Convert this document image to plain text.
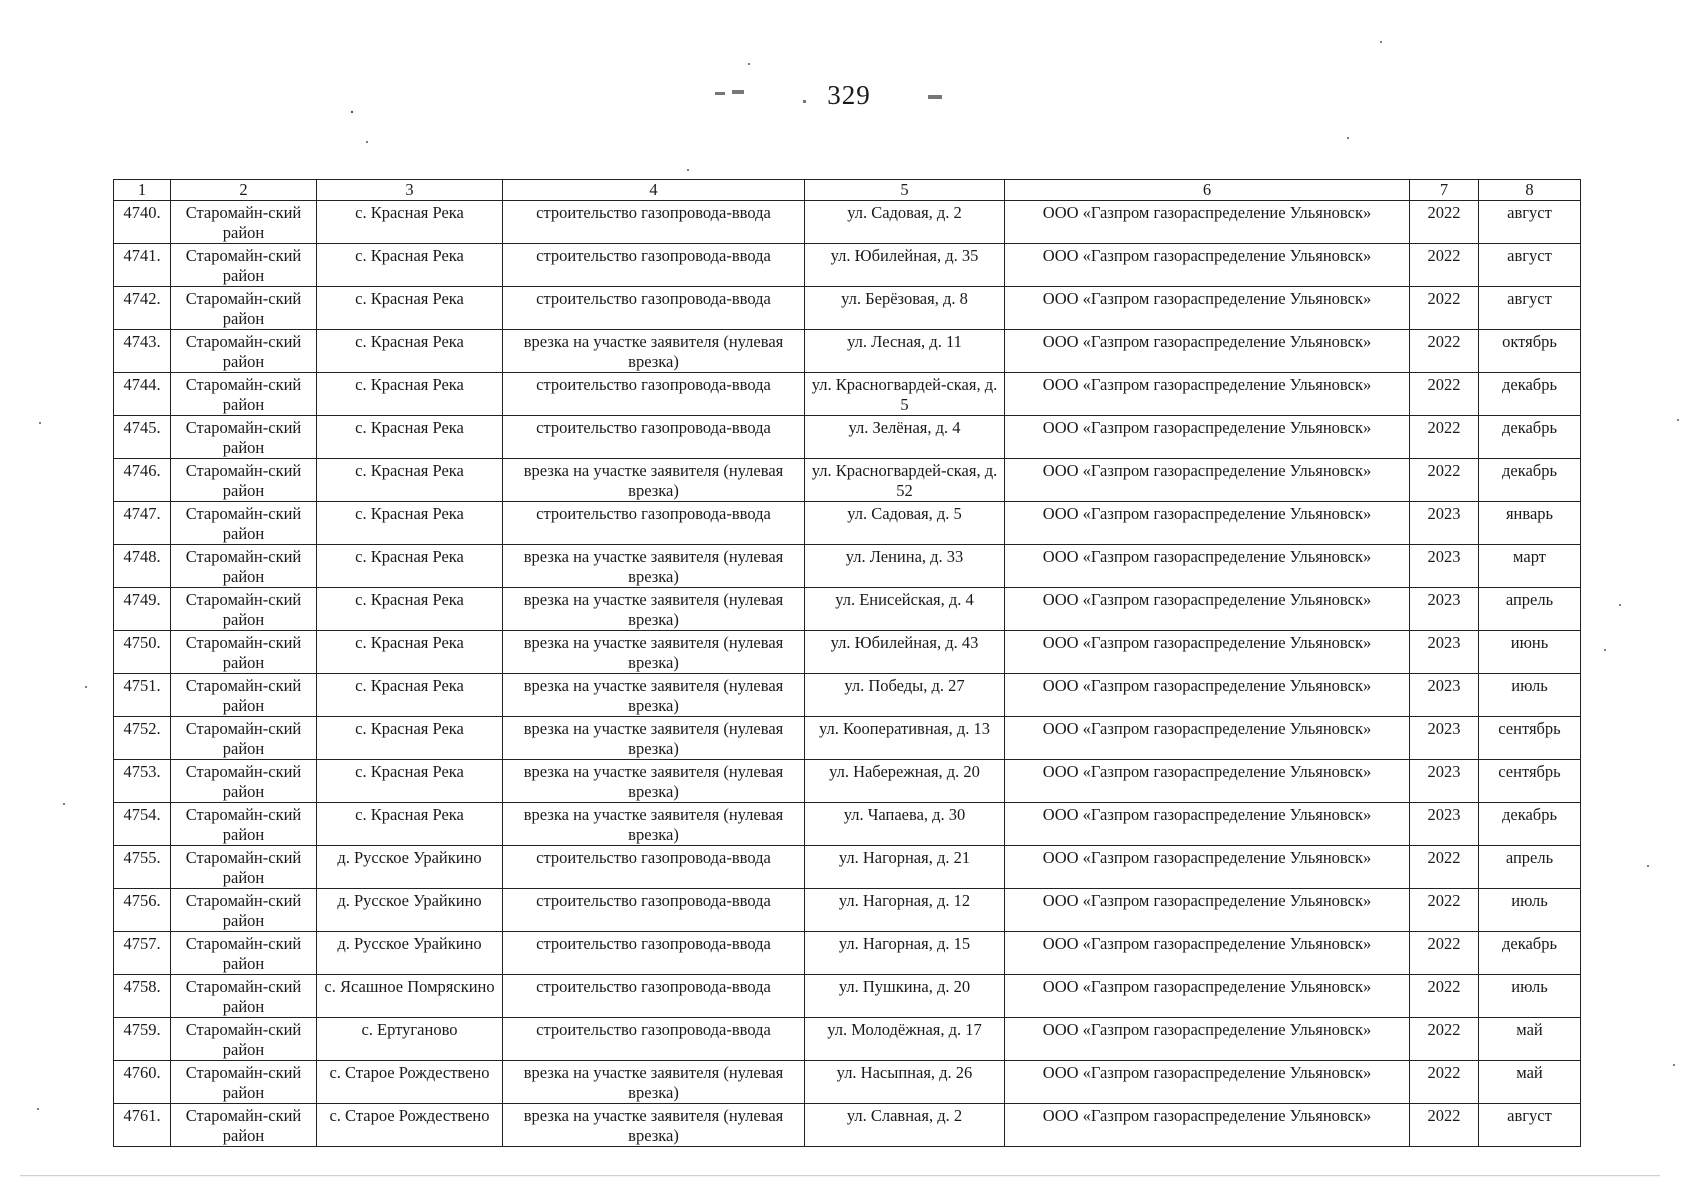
329
1	2	3	4	5	6	7	8
4740.	Старомайн-ский район	с. Красная Река	строительство газопровода-ввода	ул. Садовая, д. 2	ООО «Газпром газораспределение Ульяновск»	2022	август
4741.	Старомайн-ский район	с. Красная Река	строительство газопровода-ввода	ул. Юбилейная, д. 35	ООО «Газпром газораспределение Ульяновск»	2022	август
4742.	Старомайн-ский район	с. Красная Река	строительство газопровода-ввода	ул. Берёзовая, д. 8	ООО «Газпром газораспределение Ульяновск»	2022	август
4743.	Старомайн-ский район	с. Красная Река	врезка на участке заявителя (нулевая врезка)	ул. Лесная, д. 11	ООО «Газпром газораспределение Ульяновск»	2022	октябрь
4744.	Старомайн-ский район	с. Красная Река	строительство газопровода-ввода	ул. Красногвардей-ская, д. 5	ООО «Газпром газораспределение Ульяновск»	2022	декабрь
4745.	Старомайн-ский район	с. Красная Река	строительство газопровода-ввода	ул. Зелёная, д. 4	ООО «Газпром газораспределение Ульяновск»	2022	декабрь
4746.	Старомайн-ский район	с. Красная Река	врезка на участке заявителя (нулевая врезка)	ул. Красногвардей-ская, д. 52	ООО «Газпром газораспределение Ульяновск»	2022	декабрь
4747.	Старомайн-ский район	с. Красная Река	строительство газопровода-ввода	ул. Садовая, д. 5	ООО «Газпром газораспределение Ульяновск»	2023	январь
4748.	Старомайн-ский район	с. Красная Река	врезка на участке заявителя (нулевая врезка)	ул. Ленина, д. 33	ООО «Газпром газораспределение Ульяновск»	2023	март
4749.	Старомайн-ский район	с. Красная Река	врезка на участке заявителя (нулевая врезка)	ул. Енисейская, д. 4	ООО «Газпром газораспределение Ульяновск»	2023	апрель
4750.	Старомайн-ский район	с. Красная Река	врезка на участке заявителя (нулевая врезка)	ул. Юбилейная, д. 43	ООО «Газпром газораспределение Ульяновск»	2023	июнь
4751.	Старомайн-ский район	с. Красная Река	врезка на участке заявителя (нулевая врезка)	ул. Победы, д. 27	ООО «Газпром газораспределение Ульяновск»	2023	июль
4752.	Старомайн-ский район	с. Красная Река	врезка на участке заявителя (нулевая врезка)	ул. Кооперативная, д. 13	ООО «Газпром газораспределение Ульяновск»	2023	сентябрь
4753.	Старомайн-ский район	с. Красная Река	врезка на участке заявителя (нулевая врезка)	ул. Набережная, д. 20	ООО «Газпром газораспределение Ульяновск»	2023	сентябрь
4754.	Старомайн-ский район	с. Красная Река	врезка на участке заявителя (нулевая врезка)	ул. Чапаева, д. 30	ООО «Газпром газораспределение Ульяновск»	2023	декабрь
4755.	Старомайн-ский район	д. Русское Урайкино	строительство газопровода-ввода	ул. Нагорная, д. 21	ООО «Газпром газораспределение Ульяновск»	2022	апрель
4756.	Старомайн-ский район	д. Русское Урайкино	строительство газопровода-ввода	ул. Нагорная, д. 12	ООО «Газпром газораспределение Ульяновск»	2022	июль
4757.	Старомайн-ский район	д. Русское Урайкино	строительство газопровода-ввода	ул. Нагорная, д. 15	ООО «Газпром газораспределение Ульяновск»	2022	декабрь
4758.	Старомайн-ский район	с. Ясашное Помряскино	строительство газопровода-ввода	ул. Пушкина, д. 20	ООО «Газпром газораспределение Ульяновск»	2022	июль
4759.	Старомайн-ский район	с. Ертуганово	строительство газопровода-ввода	ул. Молодёжная, д. 17	ООО «Газпром газораспределение Ульяновск»	2022	май
4760.	Старомайн-ский район	с. Старое Рождествено	врезка на участке заявителя (нулевая врезка)	ул. Насыпная, д. 26	ООО «Газпром газораспределение Ульяновск»	2022	май
4761.	Старомайн-ский район	с. Старое Рождествено	врезка на участке заявителя (нулевая врезка)	ул. Славная, д. 2	ООО «Газпром газораспределение Ульяновск»	2022	август
